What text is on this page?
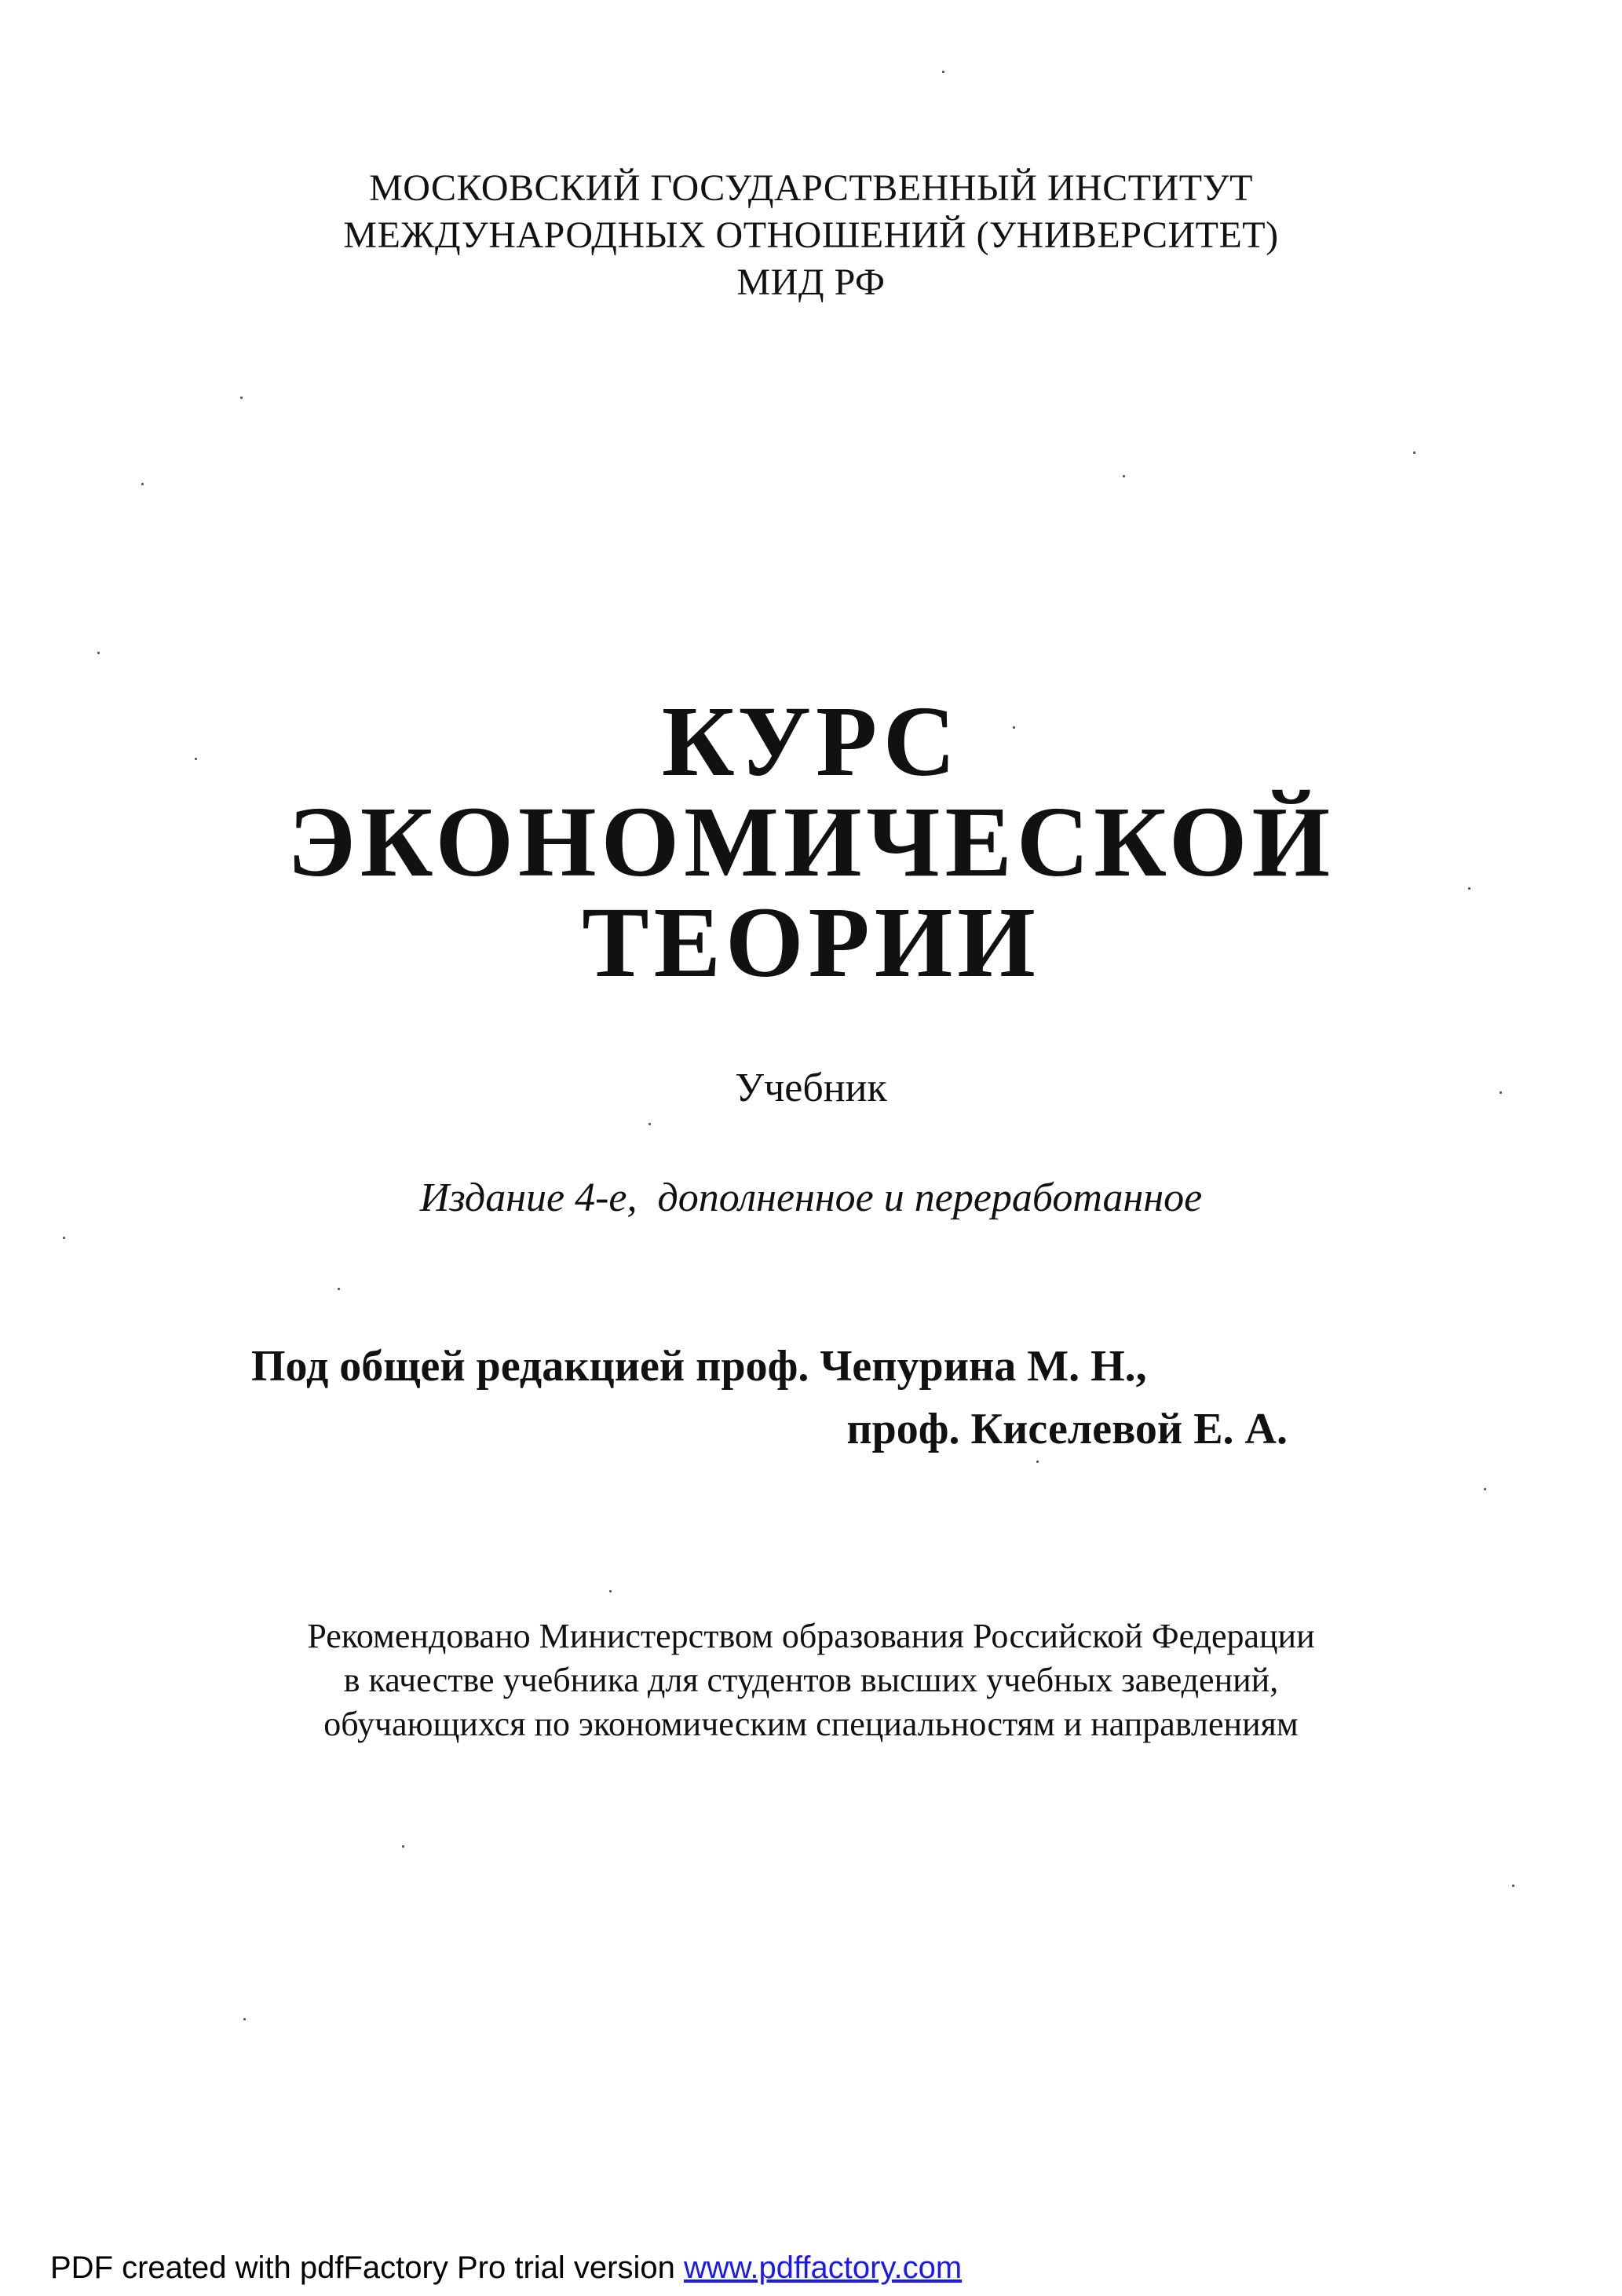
МОСКОВСКИЙ ГОСУДАРСТВЕННЫЙ ИНСТИТУТ
МЕЖДУНАРОДНЫХ ОТНОШЕНИЙ (УНИВЕРСИТЕТ)
МИД РФ
КУРС
ЭКОНОМИЧЕСКОЙ
ТЕОРИИ
Учебник
Издание 4-е,  дополненное и переработанное
Под общей редакцией проф. Чепурина М. Н.,
проф. Киселевой Е. А.
Рекомендовано Министерством образования Российской Федерации
в качестве учебника для студентов высших учебных заведений,
обучающихся по экономическим специальностям и направлениям
PDF created with pdfFactory Pro trial version www.pdffactory.com
